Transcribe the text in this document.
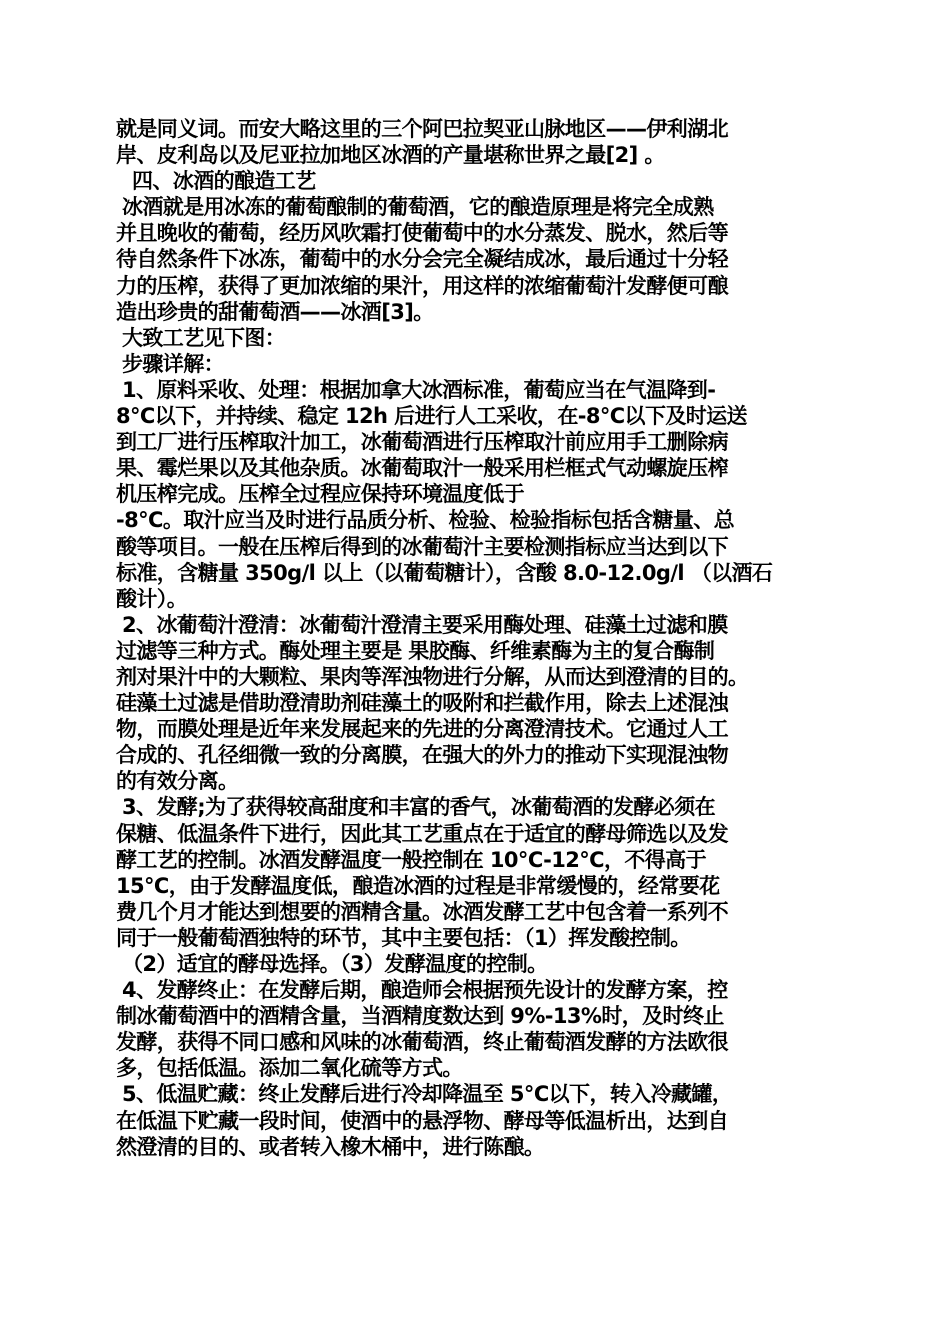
就是同义词。而安大略这里的三个阿巴拉契亚山脉地区——伊利湖北
岸、皮利岛以及尼亚拉加地区冰酒的产量堪称世界之最[2] 。
四、冰酒的酿造工艺
冰酒就是用冰冻的葡萄酿制的葡萄酒，它的酿造原理是将完全成熟
并且晚收的葡萄，经历风吹霜打使葡萄中的水分蒸发、脱水，然后等
待自然条件下冰冻，葡萄中的水分会完全凝结成冰，最后通过十分轻
力的压榨，获得了更加浓缩的果汁，用这样的浓缩葡萄汁发酵便可酿
造出珍贵的甜葡萄酒——冰酒[3]。
大致工艺见下图：
步骤详解：
1、原料采收、处理：根据加拿大冰酒标准，葡萄应当在气温降到-
8°C以下，并持续、稳定 12h 后进行人工采收，在-8°C以下及时运送
到工厂进行压榨取汁加工，冰葡萄酒进行压榨取汁前应用手工删除病
果、霉烂果以及其他杂质。冰葡萄取汁一般采用栏框式气动螺旋压榨
机压榨完成。压榨全过程应保持环境温度低于
-8°C。取汁应当及时进行品质分析、检验、检验指标包括含糖量、总
酸等项目。一般在压榨后得到的冰葡萄汁主要检测指标应当达到以下
标准，含糖量 350g/l 以上（以葡萄糖计），含酸 8.0-12.0g/l （以酒石
酸计）。
2、冰葡萄汁澄清：冰葡萄汁澄清主要采用酶处理、硅藻土过滤和膜
过滤等三种方式。酶处理主要是 果胶酶、纤维素酶为主的复合酶制
剂对果汁中的大颗粒、果肉等浑浊物进行分解，从而达到澄清的目的。
硅藻土过滤是借助澄清助剂硅藻土的吸附和拦截作用，除去上述混浊
物，而膜处理是近年来发展起来的先进的分离澄清技术。它通过人工
合成的、孔径细微一致的分离膜，在强大的外力的推动下实现混浊物
的有效分离。
3、发酵;为了获得较高甜度和丰富的香气，冰葡萄酒的发酵必须在
保糖、低温条件下进行，因此其工艺重点在于适宜的酵母筛选以及发
酵工艺的控制。冰酒发酵温度一般控制在 10°C-12°C，不得高于
15°C，由于发酵温度低，酿造冰酒的过程是非常缓慢的，经常要花
费几个月才能达到想要的酒精含量。冰酒发酵工艺中包含着一系列不
同于一般葡萄酒独特的环节，其中主要包括：（1）挥发酸控制。
（2）适宜的酵母选择。（3）发酵温度的控制。
4、发酵终止：在发酵后期，酿造师会根据预先设计的发酵方案，控
制冰葡萄酒中的酒精含量，当酒精度数达到 9%-13%时，及时终止
发酵，获得不同口感和风味的冰葡萄酒，终止葡萄酒发酵的方法欧很
多，包括低温。添加二氧化硫等方式。
5、低温贮藏：终止发酵后进行冷却降温至 5°C以下，转入冷藏罐，
在低温下贮藏一段时间，使酒中的悬浮物、酵母等低温析出，达到自
然澄清的目的、或者转入橡木桶中，进行陈酿。
